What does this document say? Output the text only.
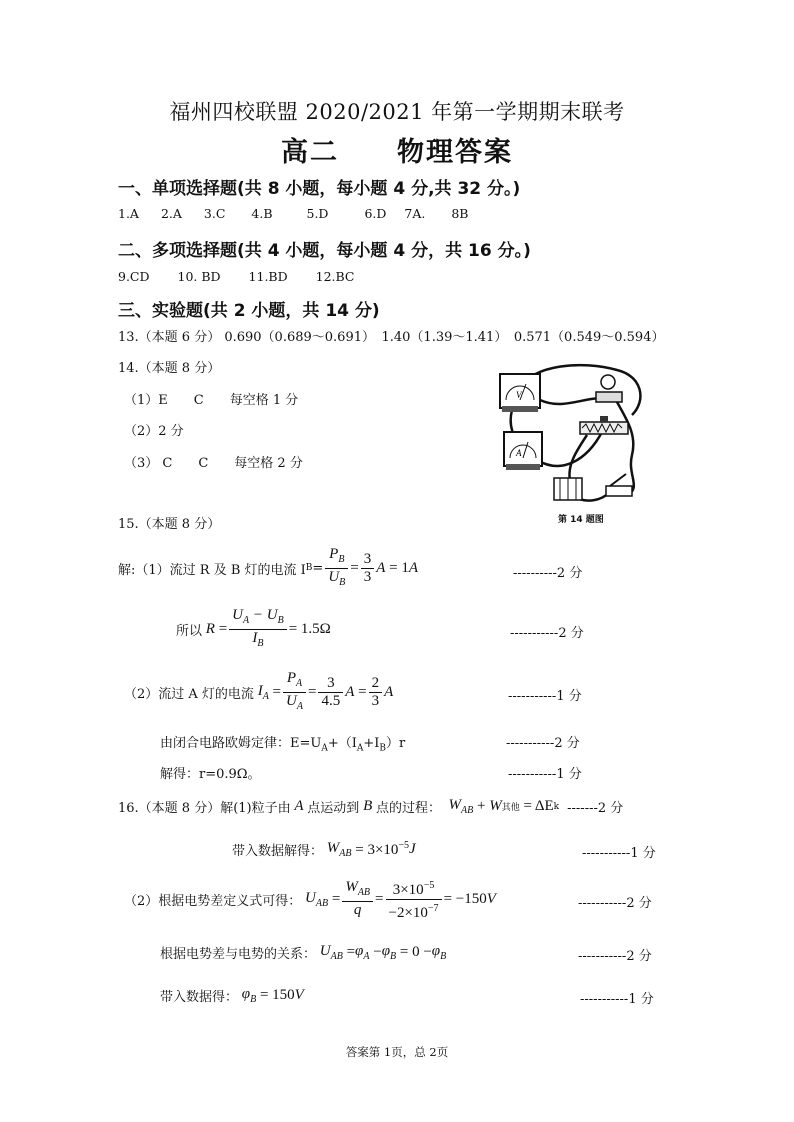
福州四校联盟 2020/2021 年第一学期期末联考
高二　　物理答案
一、单项选择题(共 8 小题，每小题 4 分,共 32 分。)
1.A 2.A 3.C 4.B	5.D	6.D 7A. 8B
二、多项选择题(共 4 小题，每小题 4 分，共 16 分。)
9.CD 10. BD 11.BD 12.BC
三、实验题(共 2 小题，共 14 分)
13.（本题 6 分） 0.690（0.689～0.691）　1.40（1.39～1.41）　0.571（0.549～0.594）
14.（本题 8 分）
（1）E　　C　　每空格 1 分
（2）2 分
（3） C　　C　　每空格 2 分
V
A
第 14 题图
15.（本题 8 分）
解:（1）流过 R 及 B 灯的电流 I $B = \frac{P_B}{U_B} = \frac{3}{3}$ A = 1 A	----------2 分
所以 $R = \frac{U_A - U_B}{I_B} = 1.5\Omega$	-----------2 分
（2）流过 A 灯的电流 $I_A = \frac{P_A}{U_A} = \frac{3}{4.5}$ $A = \frac{2}{3}$ A	-----------1 分
由闭合电路欧姆定律：$E=U_A+(I_A+I_B)r$	-----------2 分
解得：r=0.9Ω。	-----------1 分
16.（本题 8 分）解(1)粒子由 A 点运动到 B 点的过程： $W_{AB} + W$ 其他 = ΔE k -------2 分
带入数据解得： $W_{AB} = 3\times 10^{-5}$ J	-----------1 分
（2）根据电势差定义式可得： $U_{AB} = \frac{W_{AB}}{q} = \frac{3\times 10^{-5}}{-2\times 10^{-7}} = -150$ V	-----------2 分
根据电势差与电势的关系： $U_{AB} = \varphi_A - \varphi_B = 0 - \varphi_B$	-----------2 分
带入数据得： $\varphi_B = 150$ V	-----------1 分
答案第 1页，总 2页
